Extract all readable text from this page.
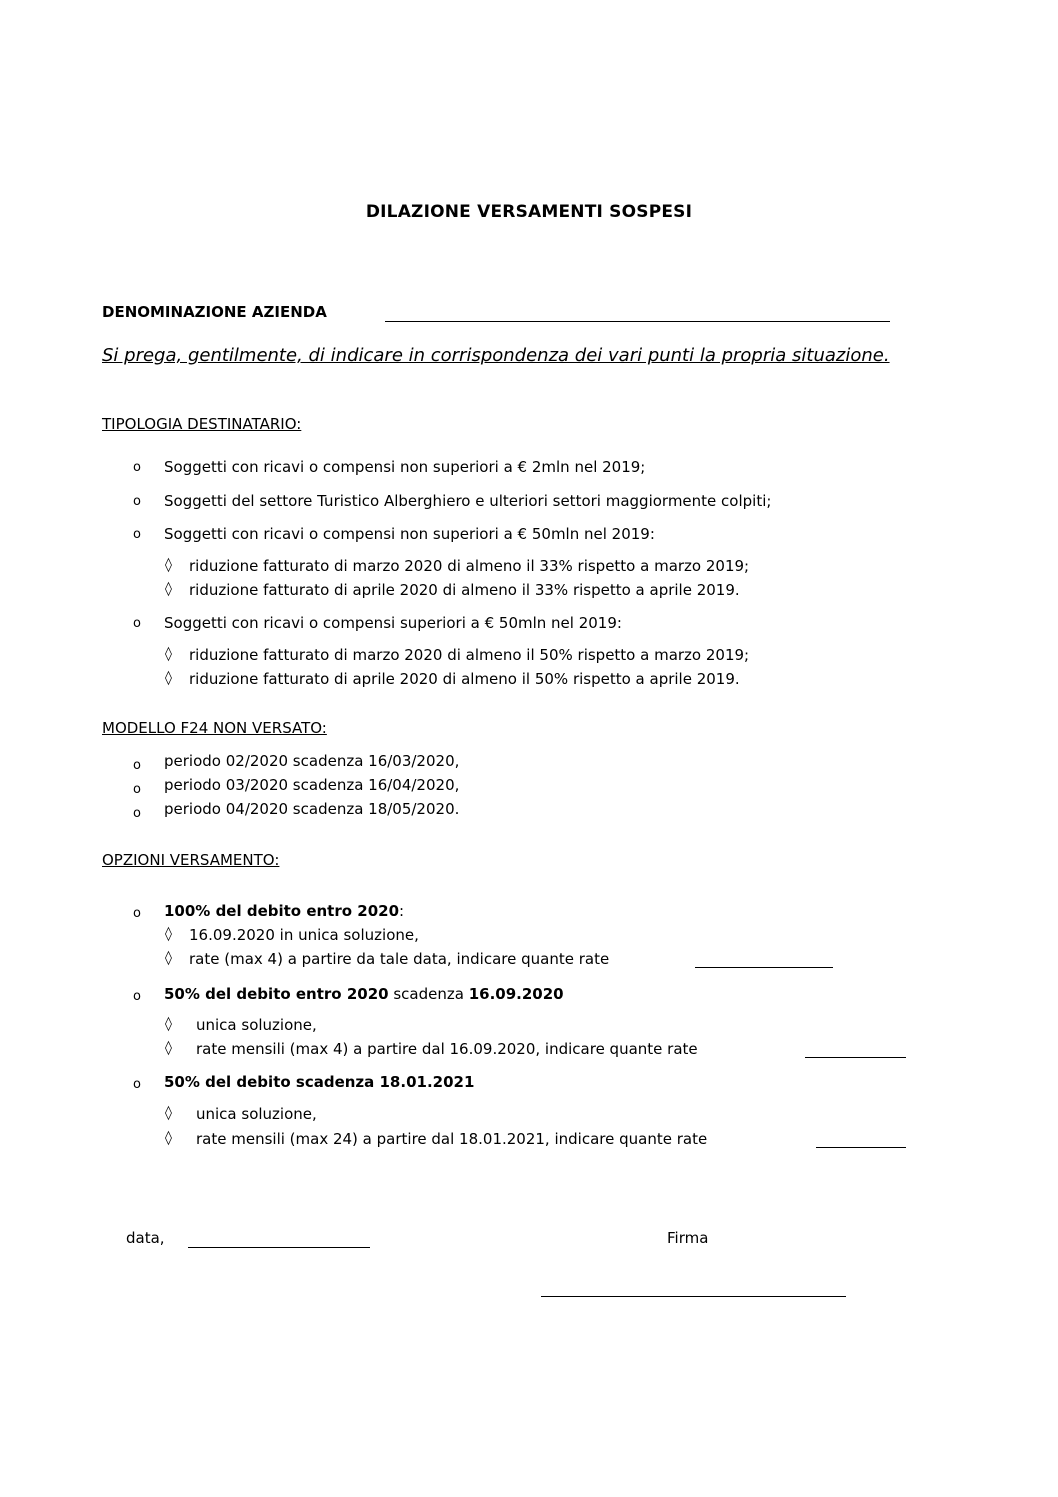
DILAZIONE VERSAMENTI SOSPESI
DENOMINAZIONE AZIENDA
Si prega, gentilmente, di indicare in corrispondenza dei vari punti la propria situazione.
TIPOLOGIA DESTINATARIO:
o Soggetti con ricavi o compensi non superiori a € 2mln nel 2019;
o Soggetti del settore Turistico Alberghiero e ulteriori settori maggiormente colpiti;
o Soggetti con ricavi o compensi non superiori a € 50mln nel 2019:
◊ riduzione fatturato di marzo 2020 di almeno il 33% rispetto a marzo 2019;
◊ riduzione fatturato di aprile 2020 di almeno il 33% rispetto a aprile 2019.
o Soggetti con ricavi o compensi superiori a € 50mln nel 2019:
◊ riduzione fatturato di marzo 2020 di almeno il 50% rispetto a marzo 2019;
◊ riduzione fatturato di aprile 2020 di almeno il 50% rispetto a aprile 2019.
MODELLO F24 NON VERSATO:
o periodo 02/2020 scadenza 16/03/2020,
o periodo 03/2020 scadenza 16/04/2020,
o periodo 04/2020 scadenza 18/05/2020.
OPZIONI VERSAMENTO:
o 100% del debito entro 2020:
◊ 16.09.2020 in unica soluzione,
◊ rate (max 4) a partire da tale data, indicare quante rate
o 50% del debito entro 2020 scadenza 16.09.2020
◊ unica soluzione,
◊ rate mensili (max 4) a partire dal 16.09.2020, indicare quante rate
o 50% del debito scadenza 18.01.2021
◊ unica soluzione,
◊ rate mensili (max 24) a partire dal 18.01.2021, indicare quante rate
data,	Firma
